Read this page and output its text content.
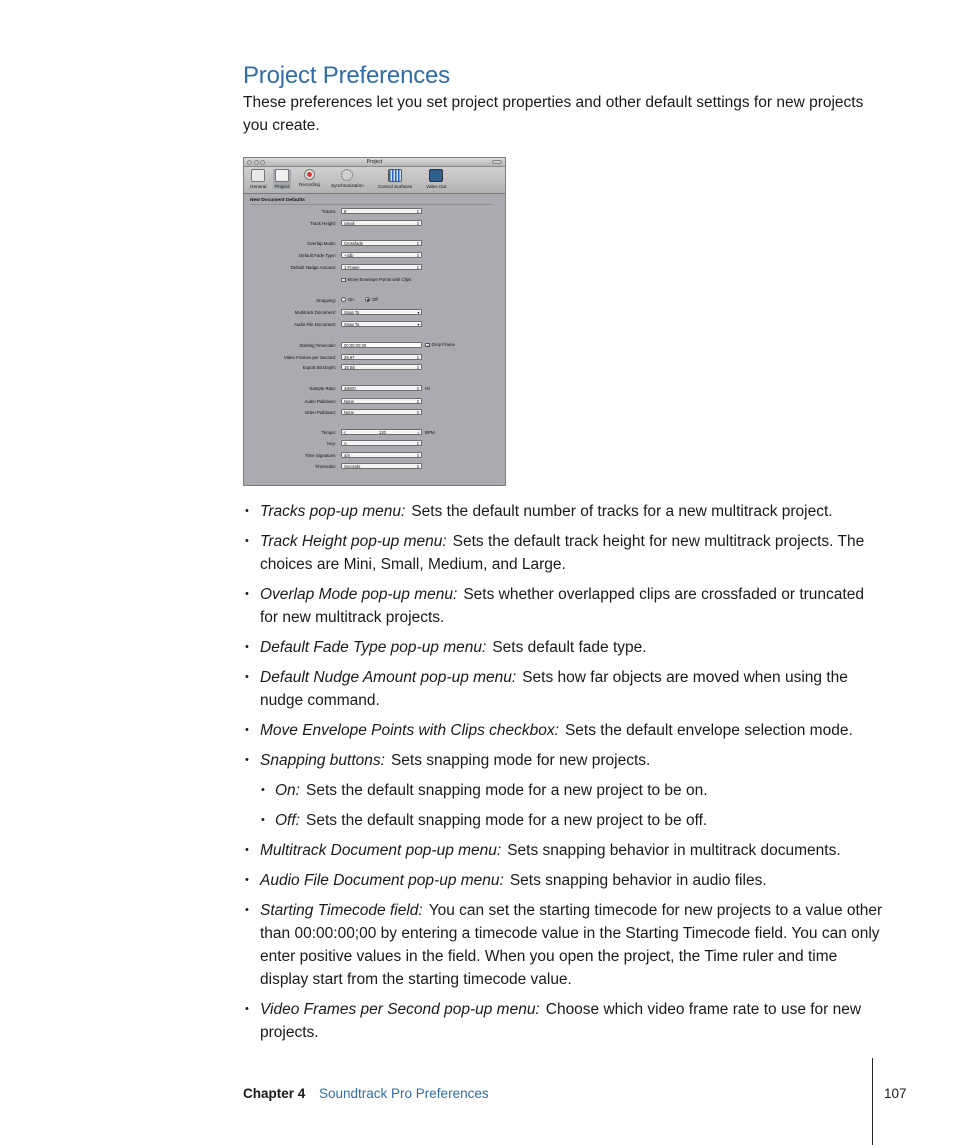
Project Preferences

These preferences let you set project properties and other default settings for new projects you create.

Project
General	Project	Recording Synchronization	Control Surfaces	Video Out
New Document Defaults
Tracks:	8	⇕
Track Height:	Small	⇕
Overlap Mode:	Crossfade	⇕
Default Fade Type:	+3db	⇕
Default Nudge Amount:	1 Frame	⇕
Move Envelope Points with Clips
Snapping:	On	Off
Multitrack Document:	Snap To	▾
Audio File Document:	Snap To	▾
Starting Timecode:	00:00:00;00	✓ Drop Frame
Video Frames per Second:	29.97	⇕
Export Bit Depth:	16 Bit	⇕
Sample Rate:	48000	⇕ Hz
Audio Pulldown:	None	⇕
Video Pulldown:	None	⇕
Tempo: <	120	> BPM
Key:	A	⇕
Time Signature:	4/4	⇕
Timescale:	Seconds	⇕
• Tracks pop-up menu: Sets the default number of tracks for a new multitrack project.
• Track Height pop-up menu: Sets the default track height for new multitrack projects. The choices are Mini, Small, Medium, and Large.
• Overlap Mode pop-up menu: Sets whether overlapped clips are crossfaded or truncated for new multitrack projects.
• Default Fade Type pop-up menu: Sets default fade type.
• Default Nudge Amount pop-up menu: Sets how far objects are moved when using the nudge command.
• Move Envelope Points with Clips checkbox: Sets the default envelope selection mode.
• Snapping buttons: Sets snapping mode for new projects.
• On: Sets the default snapping mode for a new project to be on.
• Off: Sets the default snapping mode for a new project to be off.
• Multitrack Document pop-up menu: Sets snapping behavior in multitrack documents.
• Audio File Document pop-up menu: Sets snapping behavior in audio files.
• Starting Timecode field: You can set the starting timecode for new projects to a value other than 00:00:00;00 by entering a timecode value in the Starting Timecode field. You can only enter positive values in the field. When you open the project, the Time ruler and time display start from the starting timecode value.
• Video Frames per Second pop-up menu: Choose which video frame rate to use for new projects.
Chapter 4 Soundtrack Pro Preferences	107
